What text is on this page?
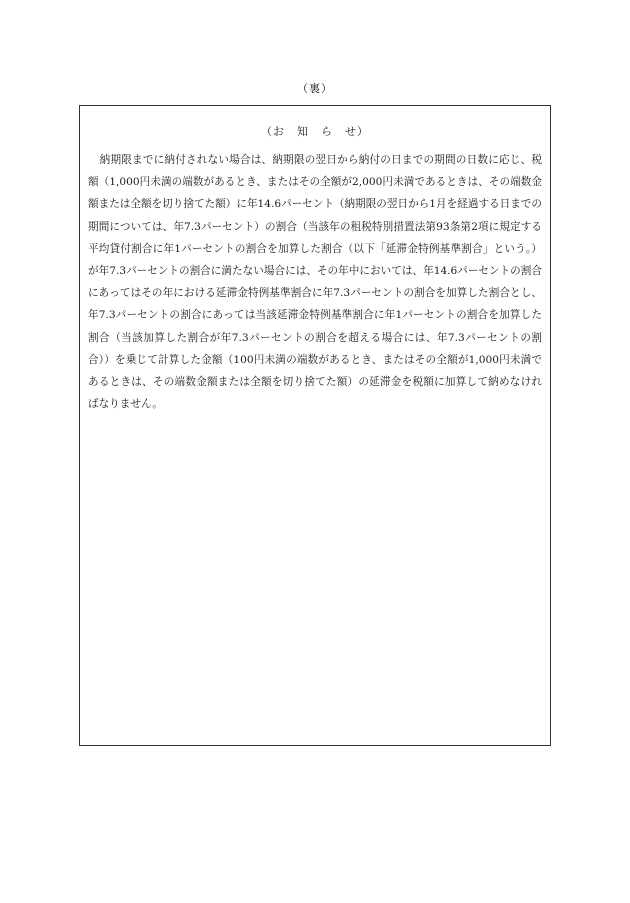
（裏）
（お　知　ら　せ）

納期限までに納付されない場合は、納期限の翌日から納付の日までの期間の日数に応じ、税額（1,000円未満の端数があるとき、またはその全額が2,000円未満であるときは、その端数金額または全額を切り捨てた額）に年14.6パーセント（納期限の翌日から1月を経過する日までの期間については、年7.3パーセント）の割合（当該年の租税特別措置法第93条第2項に規定する平均貸付割合に年1パーセントの割合を加算した割合（以下「延滞金特例基準割合」という。）が年7.3パーセントの割合に満たない場合には、その年中においては、年14.6パーセントの割合にあってはその年における延滞金特例基準割合に年7.3パーセントの割合を加算した割合とし、年7.3パーセントの割合にあっては当該延滞金特例基準割合に年1パーセントの割合を加算した割合（当該加算した割合が年7.3パーセントの割合を超える場合には、年7.3パーセントの割合））を乗じて計算した金額（100円未満の端数があるとき、またはその全額が1,000円未満であるときは、その端数金額または全額を切り捨てた額）の延滞金を税額に加算して納めなければなりません。
